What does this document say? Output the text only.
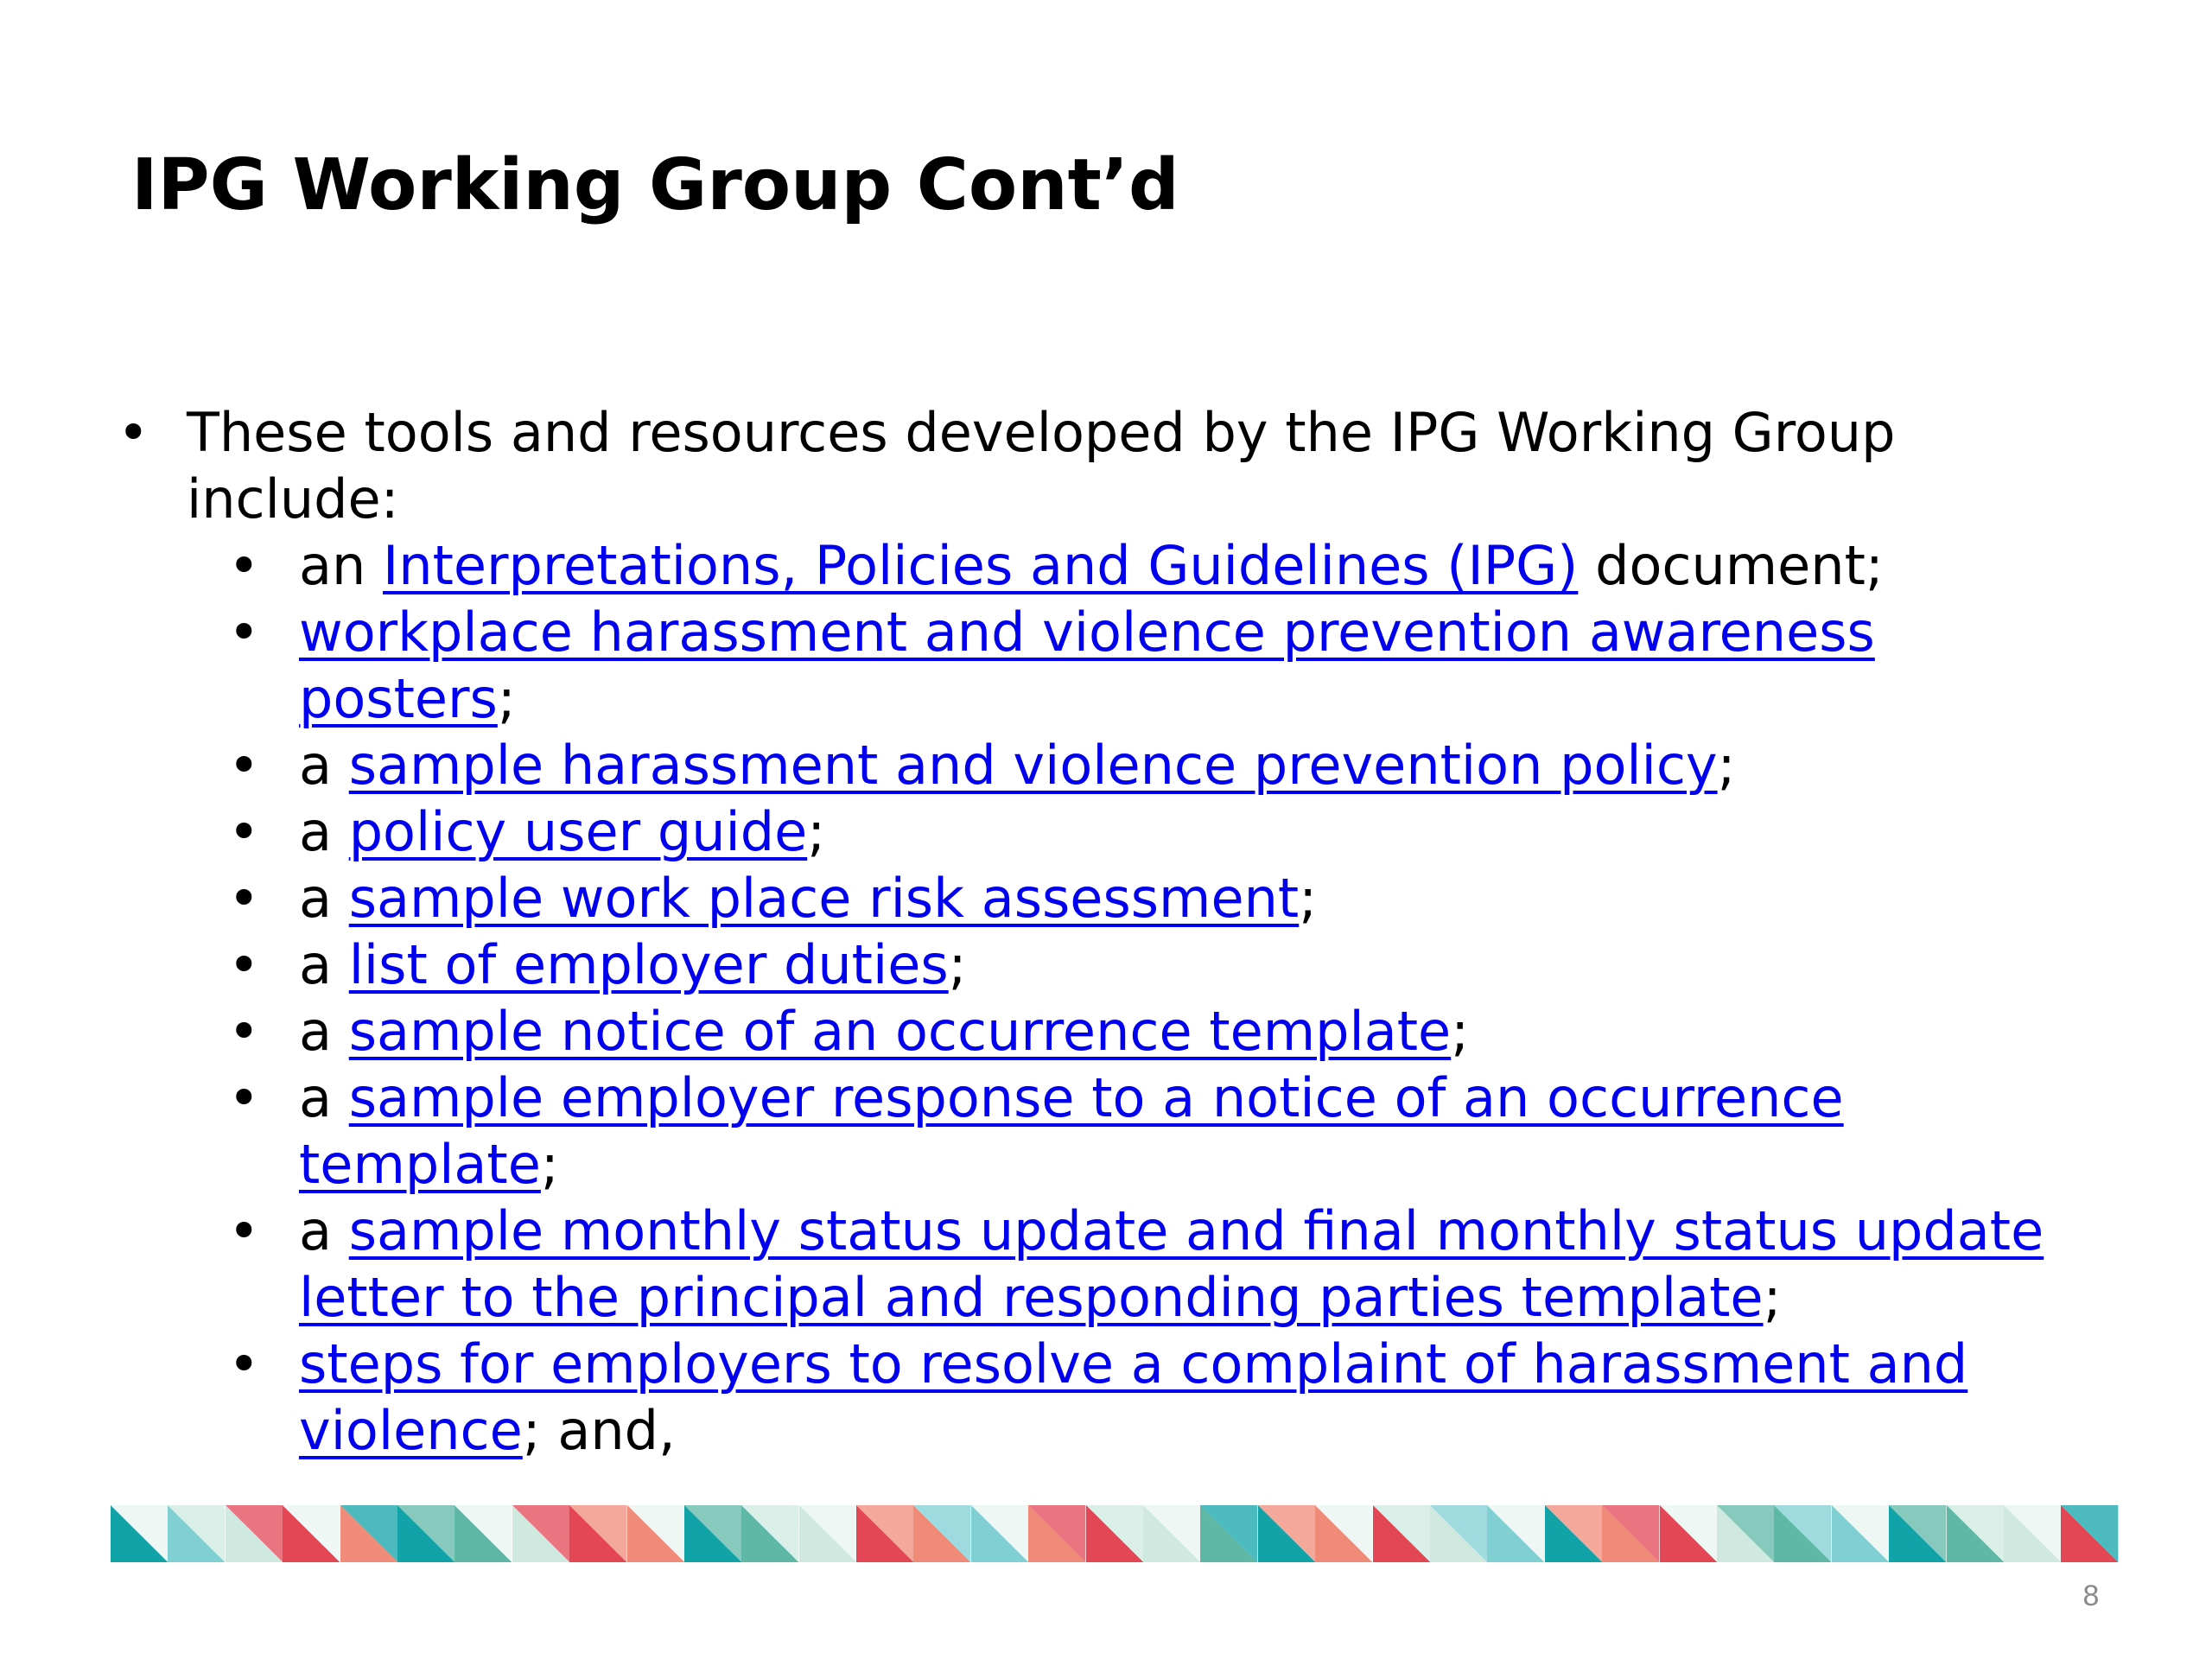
IPG Working Group Cont’d
• These tools and resources developed by the IPG Working Group include:
• an Interpretations, Policies and Guidelines (IPG) document;
• workplace harassment and violence prevention awareness posters;
• a sample harassment and violence prevention policy;
• a policy user guide;
• a sample work place risk assessment;
• a list of employer duties;
• a sample notice of an occurrence template;
• a sample employer response to a notice of an occurrence template;
• a sample monthly status update and final monthly status update letter to the principal and responding parties template;
• steps for employers to resolve a complaint of harassment and violence; and,
8
